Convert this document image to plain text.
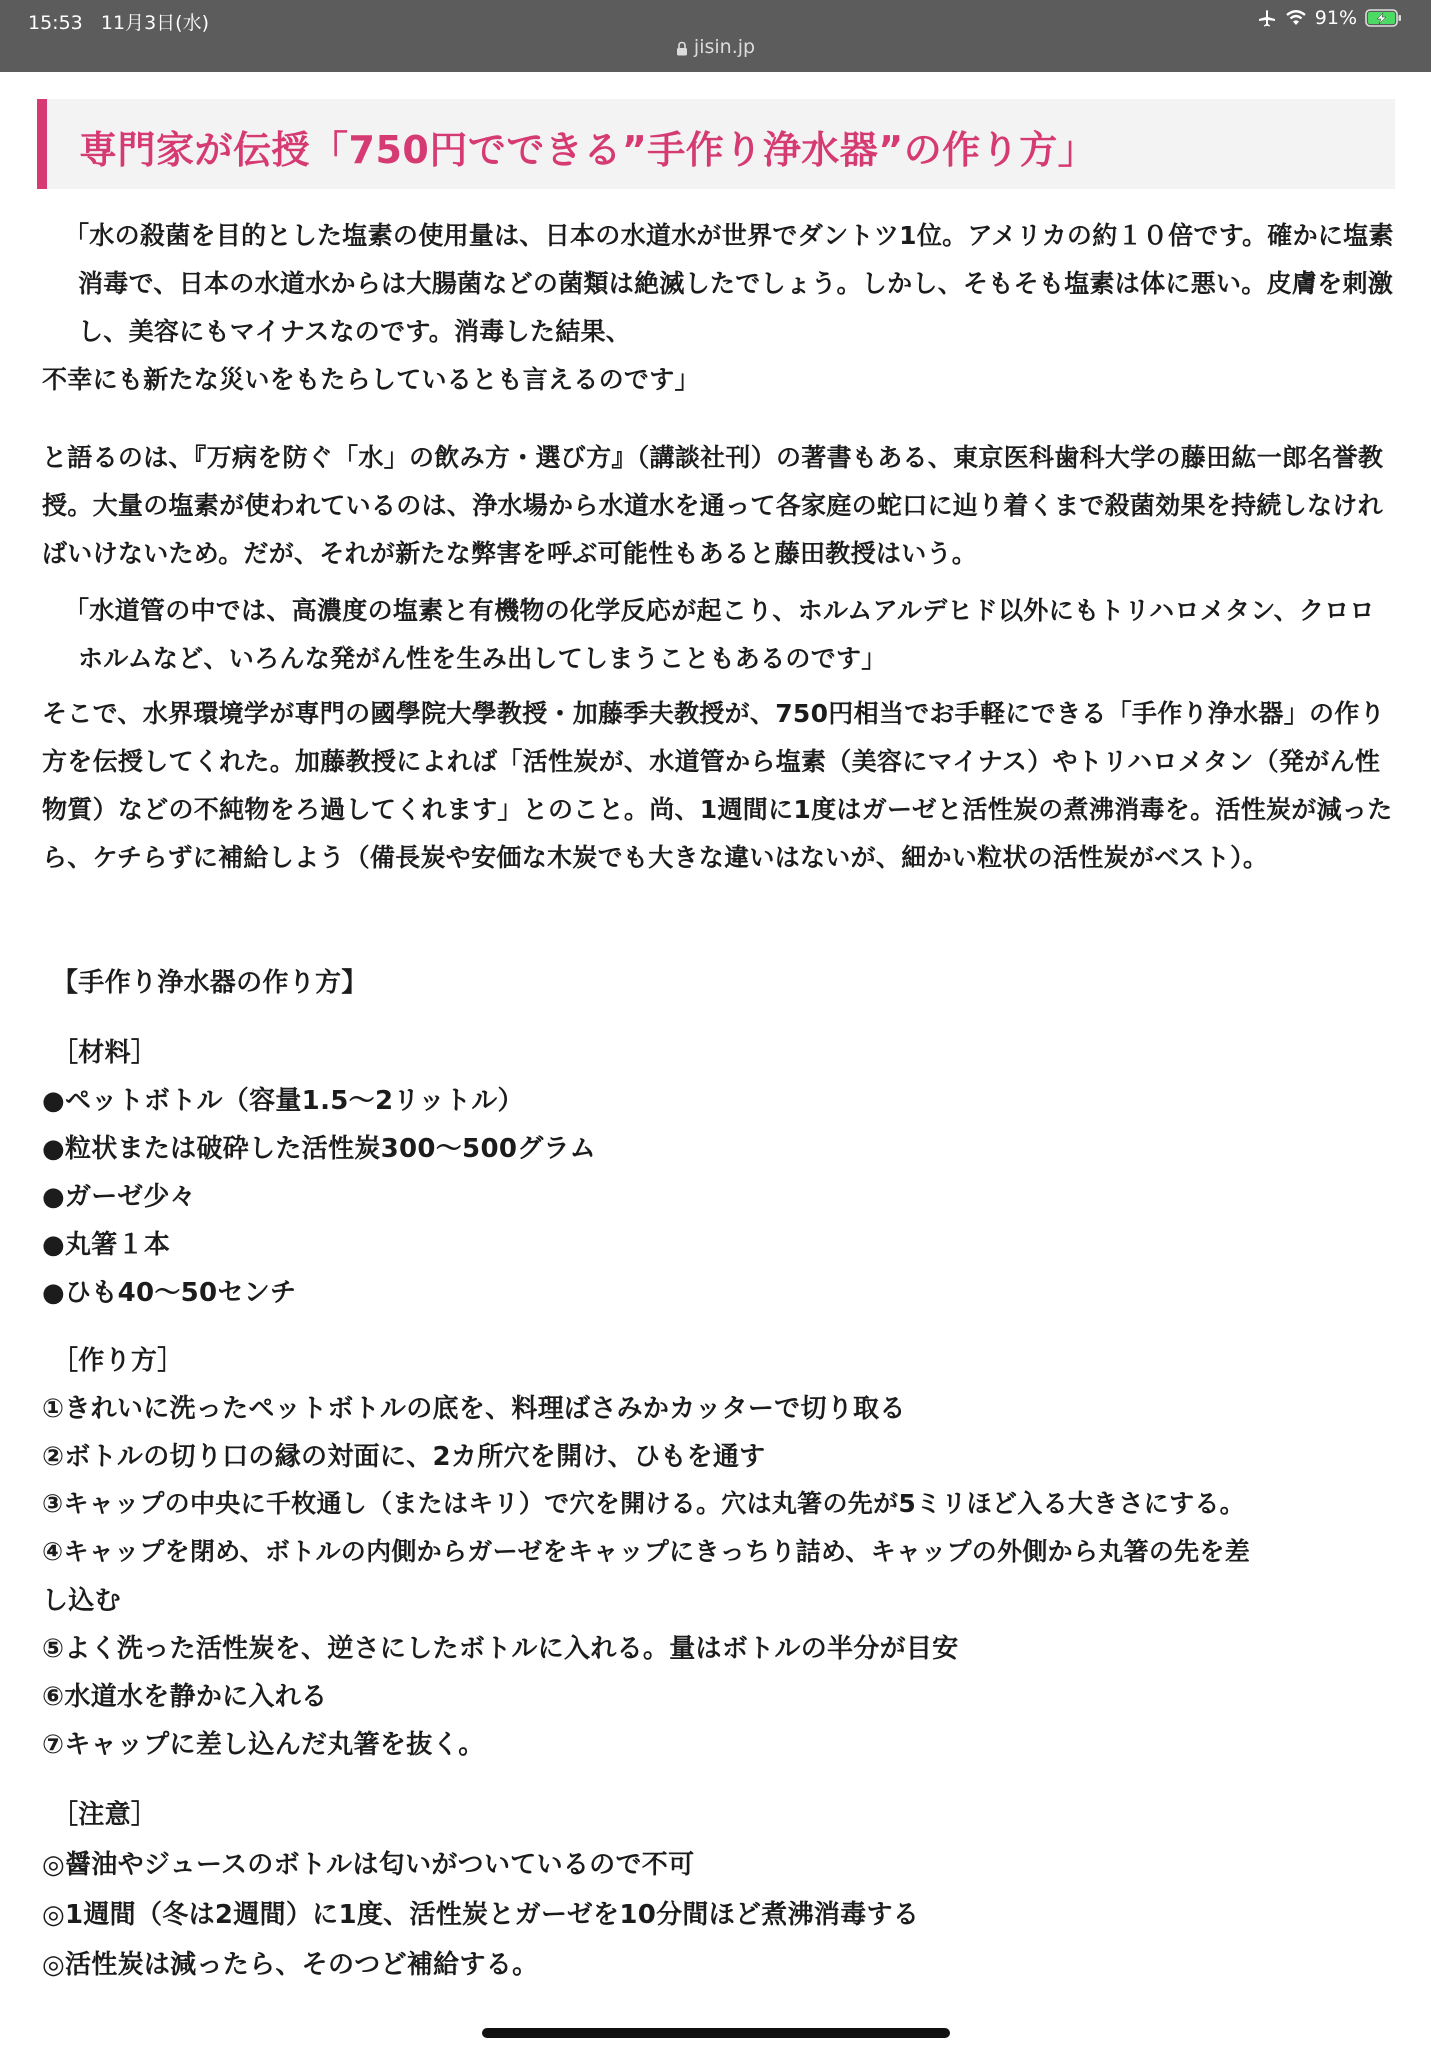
15:53 11月3日(水)	91%
jisin.jp
専門家が伝授「750円でできる”手作り浄水器”の作り方」

「水の殺菌を目的とした塩素の使用量は、日本の水道水が世界でダントツ1位。アメリカの約１０倍です。確かに塩素消毒で、日本の水道水からは大腸菌などの菌類は絶滅したでしょう。しかし、そもそも塩素は体に悪い。皮膚を刺激し、美容にもマイナスなのです。消毒した結果、

不幸にも新たな災いをもたらしているとも言えるのです」

と語るのは、『万病を防ぐ「水」の飲み方・選び方』（講談社刊）の著書もある、東京医科歯科大学の藤田紘一郎名誉教授。大量の塩素が使われているのは、浄水場から水道水を通って各家庭の蛇口に辿り着くまで殺菌効果を持続しなければいけないため。だが、それが新たな弊害を呼ぶ可能性もあると藤田教授はいう。

「水道管の中では、高濃度の塩素と有機物の化学反応が起こり、ホルムアルデヒド以外にもトリハロメタン、クロロホルムなど、いろんな発がん性を生み出してしまうこともあるのです」

そこで、水界環境学が専門の國學院大學教授・加藤季夫教授が、750円相当でお手軽にできる「手作り浄水器」の作り方を伝授してくれた。加藤教授によれば「活性炭が、水道管から塩素（美容にマイナス）やトリハロメタン（発がん性物質）などの不純物をろ過してくれます」とのこと。尚、1週間に1度はガーゼと活性炭の煮沸消毒を。活性炭が減ったら、ケチらずに補給しよう（備長炭や安価な木炭でも大きな違いはないが、細かい粒状の活性炭がベスト）。

【手作り浄水器の作り方】
［材料］
●ペットボトル（容量1.5〜2リットル）
●粒状または破砕した活性炭300〜500グラム
●ガーゼ少々
●丸箸１本
●ひも40〜50センチ
［作り方］
①きれいに洗ったペットボトルの底を、料理ばさみかカッターで切り取る
②ボトルの切り口の縁の対面に、2カ所穴を開け、ひもを通す
③キャップの中央に千枚通し（またはキリ）で穴を開ける。穴は丸箸の先が5ミリほど入る大きさにする。
④キャップを閉め、ボトルの内側からガーゼをキャップにきっちり詰め、キャップの外側から丸箸の先を差
し込む
⑤よく洗った活性炭を、逆さにしたボトルに入れる。量はボトルの半分が目安
⑥水道水を静かに入れる
⑦キャップに差し込んだ丸箸を抜く。
［注意］
◎醤油やジュースのボトルは匂いがついているので不可
◎1週間（冬は2週間）に1度、活性炭とガーゼを10分間ほど煮沸消毒する
◎活性炭は減ったら、そのつど補給する。
